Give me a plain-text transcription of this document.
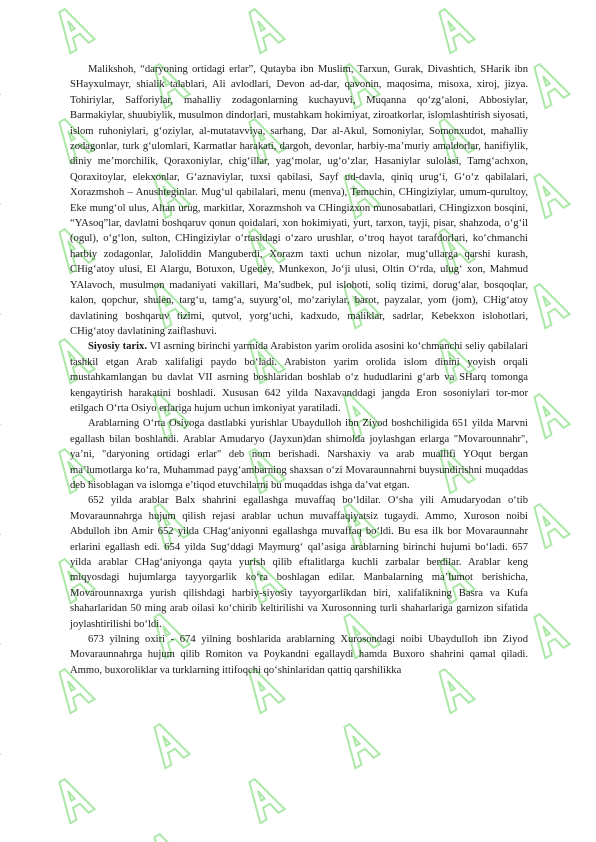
Malikshoh, “daryoning ortidagi erlar”, Qutayba ibn Muslim, Tarxun, Gurak, Divashtich, SHarik ibn SHayxulmayr, shialik talablari, Ali avlodlari, Devon ad-dar, qavonin, maqosima, misoxa, xiroj, jizya. Tohiriylar, Safforiylar, mahalliy zodagonlarning kuchayuvi, Muqanna qo‘zg‘aloni, Abbosiylar, Barmakiylar, shuubiylik, musulmon dindorlari, mustahkam hokimiyat, ziroatkorlar, islomlashtirish siyosati, islom ruhoniylari, g‘oziylar, al-mutatavviya, sarhang, Dar al-Akul, Somoniylar, Somonxudot, mahalliy zodagonlar, turk g‘ulomlari, Karmatlar harakati, dargoh, devonlar, harbiy-ma’muriy amaldorlar, hanifiylik, diniy me’morchilik, Qoraxoniylar, chig‘illar, yag‘molar, ug‘o‘zlar, Hasaniylar sulolasi, Tamg‘achxon, Qoraxitoylar, elekxonlar, G‘aznaviylar, tuxsi qabilasi, Sayf ud-davla, qiniq urug‘i, G‘o‘z qabilalari, Xorazmshoh – Anushteginlar. Mug‘ul qabilalari, menu (menva), Temuchin, CHingiziylar, umum-qurultoy, Eke mung‘ol ulus, Altan urug, markitlar, Xorazmshoh va CHingizxon munosabatlari, CHingizxon bosqini, “YAsoq”lar, davlatni boshqaruv qonun qoidalari, xon hokimiyati, yurt, tarxon, tayji, pisar, shahzoda, o‘g‘il (ogul), o‘g‘lon, sulton, CHingiziylar o‘rtasidagi o‘zaro urushlar, o‘troq hayot tarafdorlari, ko‘chmanchi harbiy zodagonlar, Jaloliddin Manguberdi, Xorazm taxti uchun nizolar, mug‘ullarga qarshi kurash, CHig‘atoy ulusi, El Alargu, Botuxon, Ugedey, Munkexon, Jo‘ji ulusi, Oltin O‘rda, ulug‘ xon, Mahmud YAlavoch, musulmon madaniyati vakillari, Ma’sudbek, pul islohoti, soliq tizimi, dorug‘alar, bosqoqlar, kalon, qopchur, shulen, targ‘u, tamg‘a, suyurg‘ol, mo‘zariylar, barot, payzalar, yom (jom), CHig‘atoy davlatining boshqaruv tizimi, qutvol, yorg‘uchi, kadxudo, maliklar, sadrlar, Kebekxon islohotlari, CHig‘atoy davlatining zaiflashuvi.

Siyosiy tarix. VI asrning birinchi yarmida Arabiston yarim orolida asosini ko‘chmanchi seliy qabilalari tashkil etgan Arab xalifaligi paydo bo‘ladi. Arabiston yarim orolida islom dinini yoyish orqali mustahkamlangan bu davlat VII asrning boshlaridan boshlab o‘z hududlarini g‘arb va SHarq tomonga kengaytirish harakatini boshladi. Xususan 642 yilda Naxavanddagi jangda Eron sosoniylari tor-mor etilgach O‘rta Osiyo erlariga hujum uchun imkoniyat yaratiladi.

Arablarning O‘rta Osiyoga dastlabki yurishlar Ubaydulloh ibn Ziyod boshchiligida 651 yilda Marvni egallash bilan boshlandi. Arablar Amudaryo (Jayxun)dan shimolda joylashgan erlarga "Movarounnahr", ya’ni, "daryoning ortidagi erlar" deb nom berishadi. Narshaxiy va arab muallifi YOqut bergan ma’lumotlarga ko‘ra, Muhammad payg‘ambarning shaxsan o‘zi Movaraunnahrni buysundirishni muqaddas deb hisoblagan va islomga e’tiqod etuvchilarni bu muqaddas ishga da’vat etgan.

652 yilda arablar Balx shahrini egallashga muvaffaq bo‘ldilar. O‘sha yili Amudaryodan o‘tib Movaraunnahrga hujum qilish rejasi arablar uchun muvaffaqiyatsiz tugaydi. Ammo, Xuroson noibi Abdulloh ibn Amir 652 yilda CHag‘aniyonni egallashga muvaffaq bo‘ldi. Bu esa ilk bor Movaraunnahr erlarini egallash edi. 654 yilda Sug‘ddagi Maymurg‘ qal’asiga arablarning birinchi hujumi bo‘ladi. 657 yilda arablar CHag‘aniyonga qayta yurish qilib eftalitlarga kuchli zarbalar berdilar. Arablar keng miqyosdagi hujumlarga tayyorgarlik ko‘ra boshlagan edilar. Manbalarning ma’lumot berishicha, Movarounnaxrga yurish qilishdagi harbiy-siyosiy tayyorgarlikdan biri, xalifalikning Basra va Kufa shaharlaridan 50 ming arab oilasi ko‘chirib keltirilishi va Xurosonning turli shaharlariga garnizon sifatida joylashtirilishi bo‘ldi.

673 yilning oxiri - 674 yilning boshlarida arablarning Xurosondagi noibi Ubaydulloh ibn Ziyod Movaraunnahrga hujum qilib Romiton va Poykandni egallaydi hamda Buxoro shahrini qamal qiladi. Ammo, buxoroliklar va turklarning ittifoqchi qo‘shinlaridan qattiq qarshilikka
